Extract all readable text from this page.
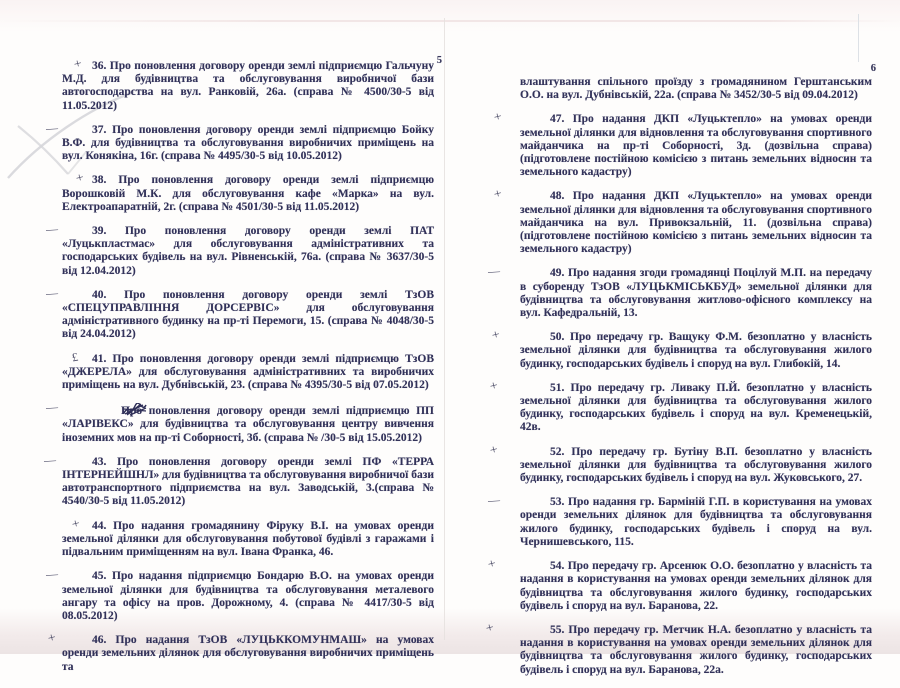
5

+ 36. Про поновлення договору оренди землі підприємцю Гальчуну М.Д. для будівництва та обслуговування виробничої бази автогосподарства на вул. Ранковій, 26а. (справа № 4500/30-5 від 11.05.2012)

—	37. Про поновлення договору оренди землі підприємцю Бойку В.Ф. для будівництва та обслуговування виробничих приміщень на вул. Конякіна, 16г. (справа № 4495/30-5 від 10.05.2012)

+ 38. Про поновлення договору оренди землі підприємцю Ворошковій М.К. для обслуговування кафе «Марка» на вул. Електроапаратній, 2г. (справа № 4501/30-5 від 11.05.2012)

—	39. Про поновлення договору оренди землі ПАТ «Луцькпластмас» для обслуговування адміністративних та господарських будівель на вул. Рівненській, 76а. (справа № 3637/30-5 від 12.04.2012)

—	40. Про поновлення договору оренди землі ТзОВ «СПЕЦУПРАВЛІННЯ ДОРСЕРВІС» для обслуговування адміністративного будинку на пр-ті Перемоги, 15. (справа № 4048/30-5 від 24.04.2012)

£ 41. Про поновлення договору оренди землі підприємцю ТзОВ «ДЖЕРЕЛА» для обслуговування адміністративних та виробничих приміщень на вул. Дубнівській, 23. (справа № 4395/30-5 від 07.05.2012)

—	Про поновлення договору оренди землі підприємцю ПП «ЛАРІВЕКС» для будівництва та обслуговування центру вивчення іноземних мов на пр-ті Соборності, 3б. (справа № /30-5 від 15.05.2012)

—	43. Про поновлення договору оренди землі ПФ «ТЕРРА ІНТЕРНЕЙШНЛ» для будівництва та обслуговування виробничої бази автотранспортного підприємства на вул. Заводській, 3.(справа № 4540/30-5 від 11.05.2012)

+ 44. Про надання громадянину Фіруку В.І. на умовах оренди земельної ділянки для обслуговування побутової будівлі з гаражами і підвальним приміщенням на вул. Івана Франка, 46.

—	45. Про надання підприємцю Бондарю В.О. на умовах оренди земельної ділянки для будівництва та обслуговування металевого ангару та офісу на пров. Дорожному, 4. (справа № 4417/30-5 від 08.05.2012)

+	46. Про надання ТзОВ «ЛУЦЬККОМУНМАШ» на умовах оренди земельних ділянок для обслуговування виробничих приміщень та

6

влаштування спільного проїзду з громадянином Герштанським О.О. на вул. Дубнівській, 22а. (справа № 3452/30-5 від 09.04.2012)

+	47. Про надання ДКП «Луцьктепло» на умовах оренди земельної ділянки для відновлення та обслуговування спортивного майданчика на пр-ті Соборності, 3д. (дозвільна справа) (підготовлене постійною комісією з питань земельних відносин та земельного кадастру)

+	48. Про надання ДКП «Луцьктепло» на умовах оренди земельної ділянки для відновлення та обслуговування спортивного майданчика на вул. Привокзальній, 11. (дозвільна справа) (підготовлене постійною комісією з питань земельних відносин та земельного кадастру)

—	49. Про надання згоди громадянці Поцілуй М.П. на передачу в суборенду ТзОВ «ЛУЦЬКМІСЬКБУД» земельної ділянки для будівництва та обслуговування житлово-офісного комплексу на вул. Кафедральній, 13.

+	50. Про передачу гр. Ващуку Ф.М. безоплатно у власність земельної ділянки для будівництва та обслуговування жилого будинку, господарських будівель і споруд на вул. Глибокій, 14.

+	51. Про передачу гр. Ливаку П.Й. безоплатно у власність земельної ділянки для будівництва та обслуговування жилого будинку, господарських будівель і споруд на вул. Кременецькій, 42в.

+	52. Про передачу гр. Бутіну В.П. безоплатно у власність земельної ділянки для будівництва та обслуговування жилого будинку, господарських будівель і споруд на вул. Жуковського, 27.

—	53. Про надання гр. Барміній Г.П. в користування на умовах оренди земельних ділянок для будівництва та обслуговування жилого будинку, господарських будівель і споруд на вул. Чернишевського, 115.

+	54. Про передачу гр. Арсенюк О.О. безоплатно у власність та надання в користування на умовах оренди земельних ділянок для будівництва та обслуговування жилого будинку, господарських будівель і споруд на вул. Баранова, 22.

+	55. Про передачу гр. Метчик Н.А. безоплатно у власність та надання в користування на умовах оренди земельних ділянок для будівництва та обслуговування жилого будинку, господарських будівель і споруд на вул. Баранова, 22а.
